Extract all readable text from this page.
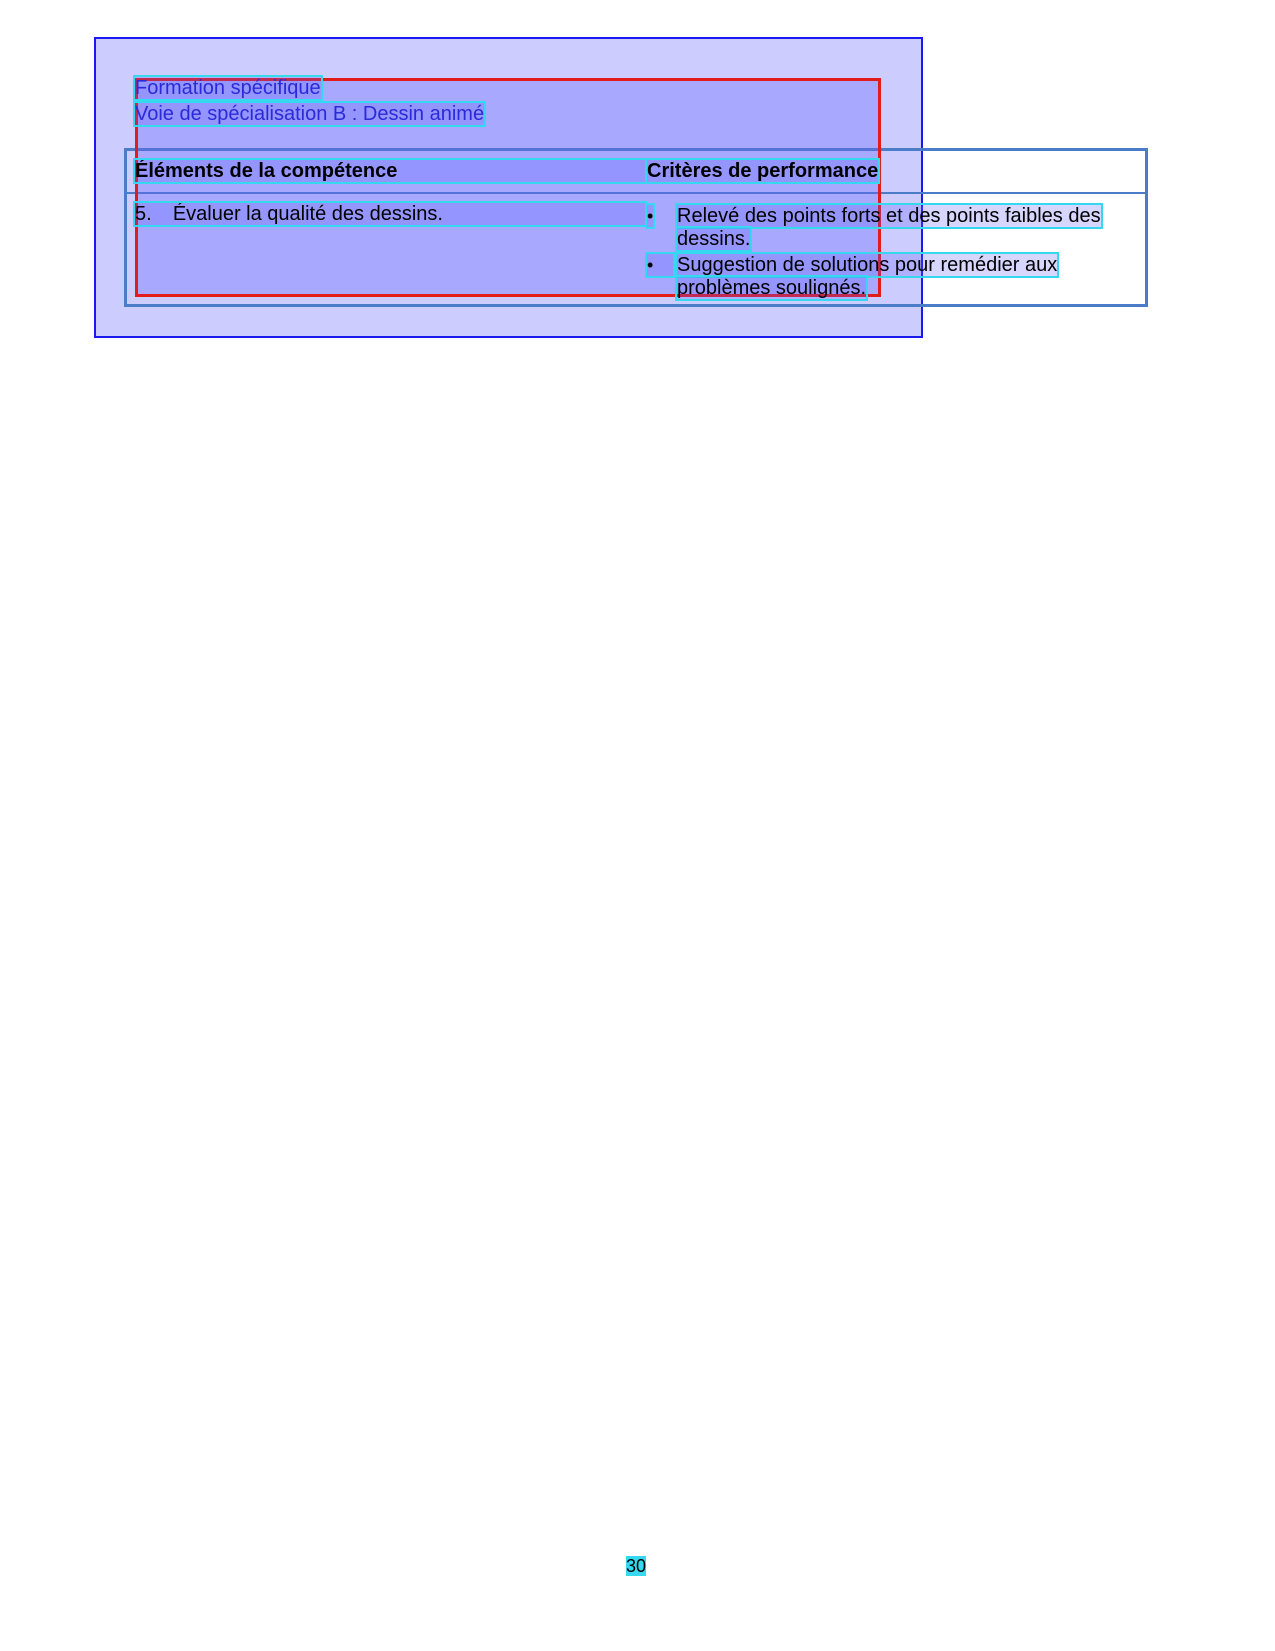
Formation spécifique
Voie de spécialisation B : Dessin animé
Éléments de la compétence	Critères de performance
5. Évaluer la qualité des dessins.	• Relevé des points forts et des points faibles des
dessins.
•	Suggestion de solutions pour remédier aux
problèmes soulignés.
30
